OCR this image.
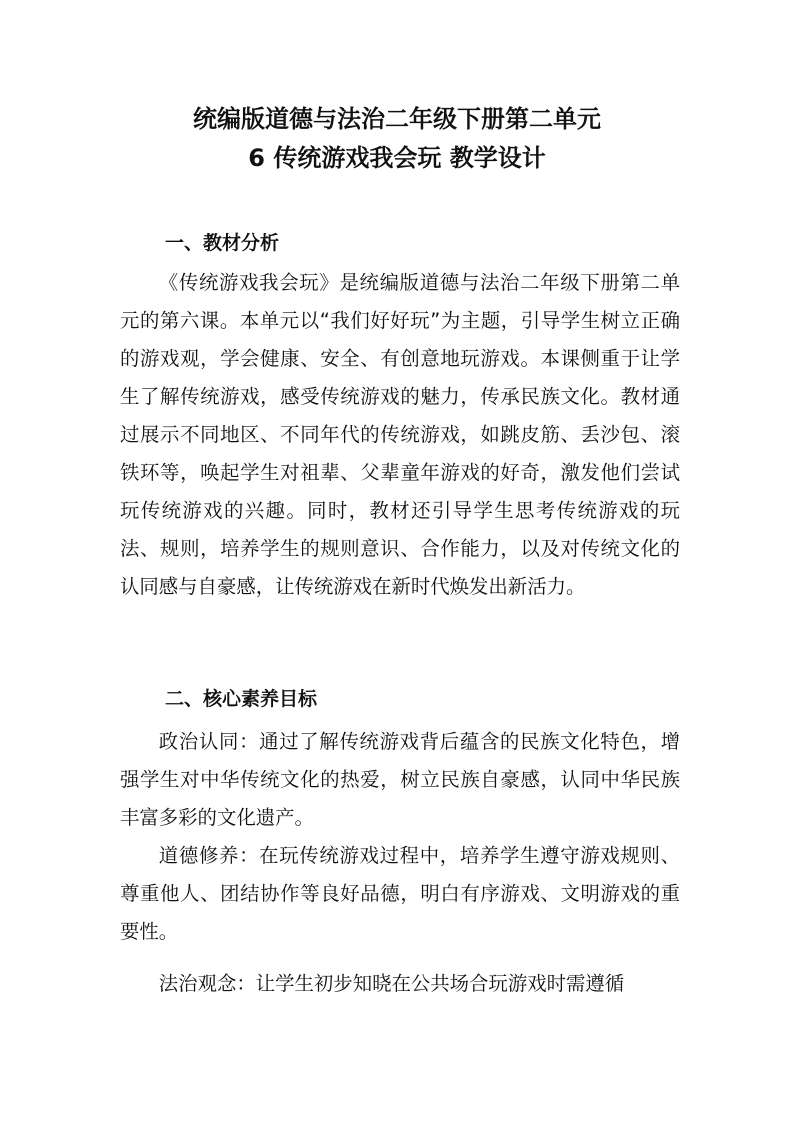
统编版道德与法治二年级下册第二单元
6 传统游戏我会玩 教学设计
一、教材分析

《传统游戏我会玩》是统编版道德与法治二年级下册第二单元的第六课。本单元以“我们好好玩”为主题，引导学生树立正确的游戏观，学会健康、安全、有创意地玩游戏。本课侧重于让学生了解传统游戏，感受传统游戏的魅力，传承民族文化。教材通过展示不同地区、不同年代的传统游戏，如跳皮筋、丢沙包、滚铁环等，唤起学生对祖辈、父辈童年游戏的好奇，激发他们尝试玩传统游戏的兴趣。同时，教材还引导学生思考传统游戏的玩法、规则，培养学生的规则意识、合作能力，以及对传统文化的认同感与自豪感，让传统游戏在新时代焕发出新活力。

二、核心素养目标

政治认同：通过了解传统游戏背后蕴含的民族文化特色，增强学生对中华传统文化的热爱，树立民族自豪感，认同中华民族丰富多彩的文化遗产。

道德修养：在玩传统游戏过程中，培养学生遵守游戏规则、尊重他人、团结协作等良好品德，明白有序游戏、文明游戏的重要性。

法治观念：让学生初步知晓在公共场合玩游戏时需遵循
